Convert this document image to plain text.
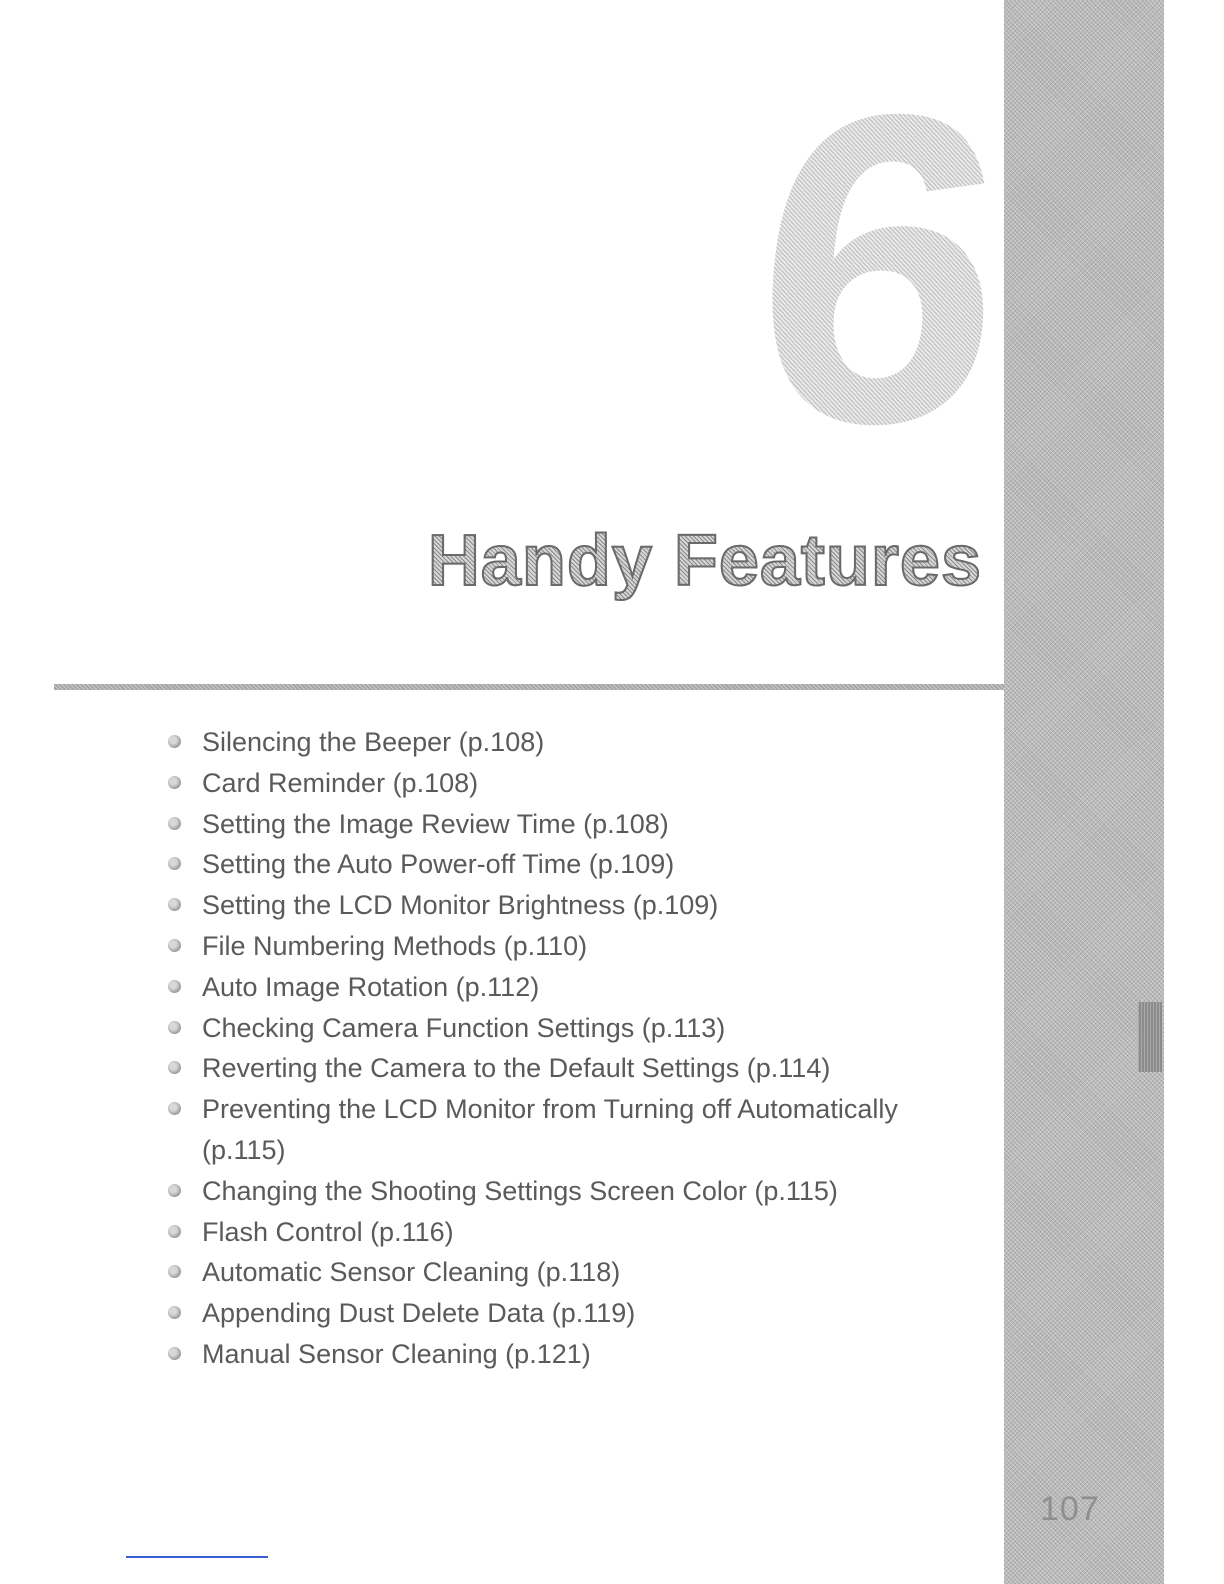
107
6
Handy Features
Silencing the Beeper (p.108)
Card Reminder (p.108)
Setting the Image Review Time (p.108)
Setting the Auto Power-off Time (p.109)
Setting the LCD Monitor Brightness (p.109)
File Numbering Methods (p.110)
Auto Image Rotation (p.112)
Checking Camera Function Settings (p.113)
Reverting the Camera to the Default Settings (p.114)
Preventing the LCD Monitor from Turning off Automatically (p.115)
Changing the Shooting Settings Screen Color (p.115)
Flash Control (p.116)
Automatic Sensor Cleaning (p.118)
Appending Dust Delete Data (p.119)
Manual Sensor Cleaning (p.121)
